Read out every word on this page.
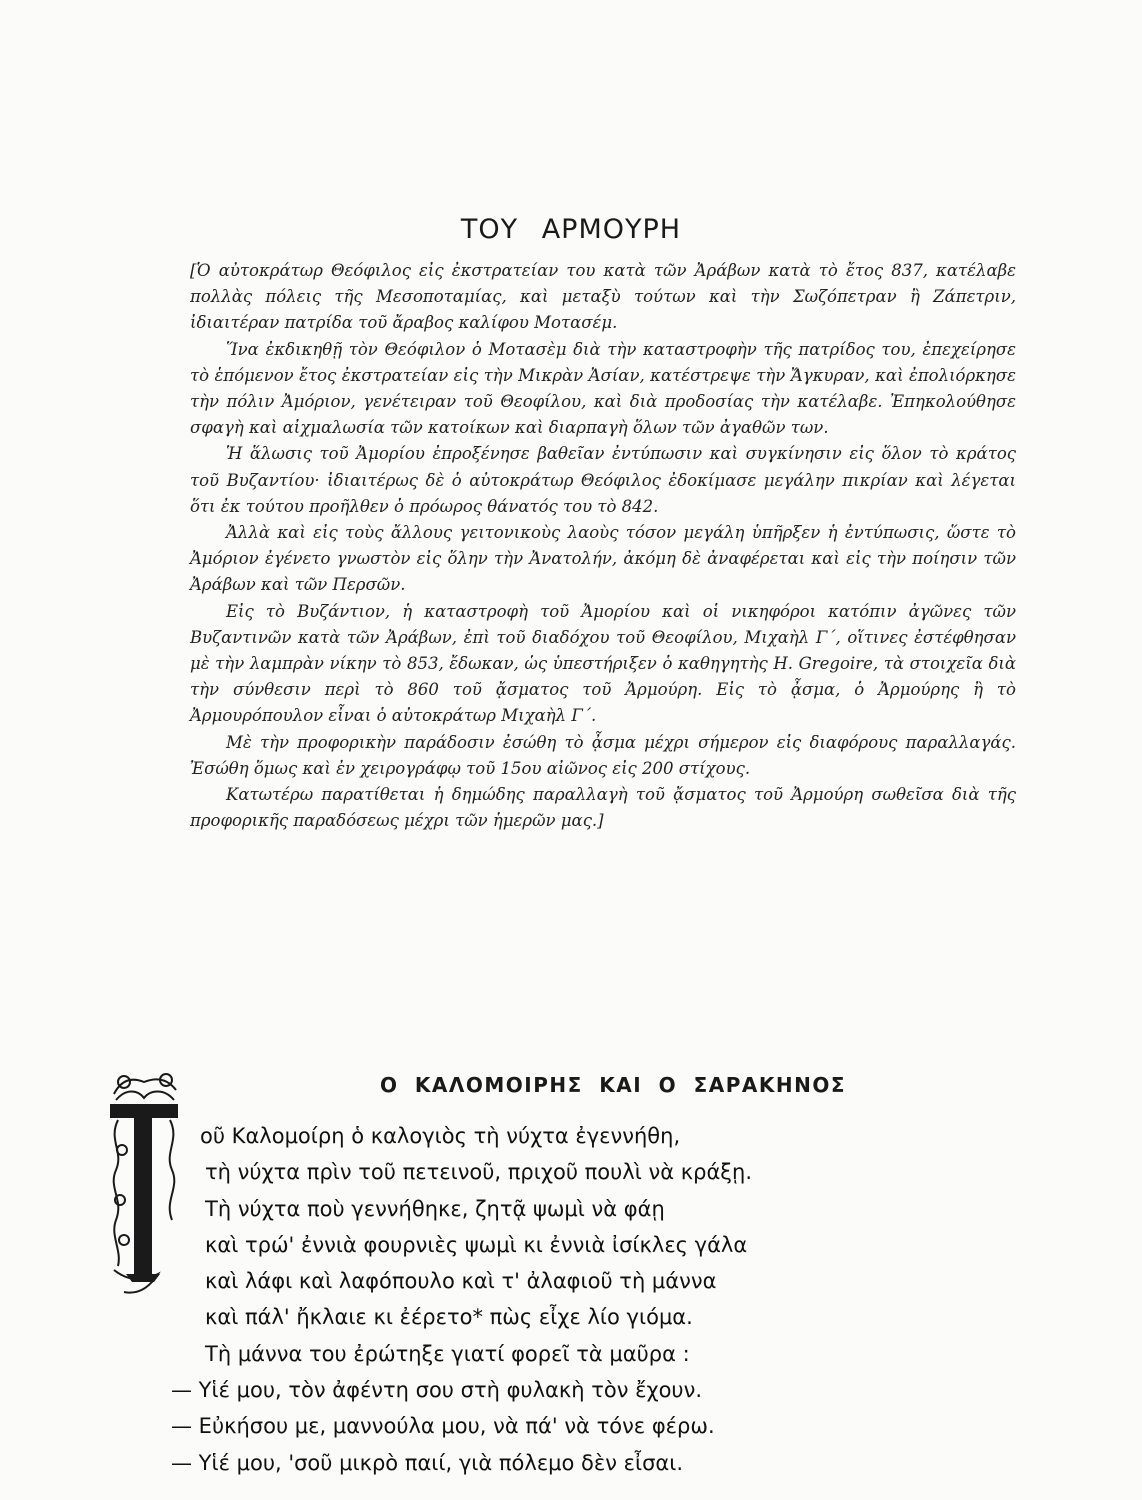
ΤΟΥ ΑΡΜΟΥΡΗ

[Ὁ αὐτοκράτωρ Θεόφιλος εἰς ἐκστρατείαν του κατὰ τῶν Ἀράβων κατὰ τὸ ἔτος 837, κατέλαβε πολλὰς πόλεις τῆς Μεσοποταμίας, καὶ μεταξὺ τούτων καὶ τὴν Σωζόπετραν ἢ Ζάπετριν, ἰδιαιτέραν πατρίδα τοῦ ἄραβος καλίφου Μοτασέμ.

Ἵνα ἐκδικηθῇ τὸν Θεόφιλον ὁ Μοτασὲμ διὰ τὴν καταστροφὴν τῆς πατρίδος του, ἐπεχείρησε τὸ ἑπόμενον ἔτος ἐκστρατείαν εἰς τὴν Μικρὰν Ἀσίαν, κατέστρεψε τὴν Ἄγκυραν, καὶ ἐπολιόρκησε τὴν πόλιν Ἀμόριον, γενέτειραν τοῦ Θεοφίλου, καὶ διὰ προδοσίας τὴν κατέλαβε. Ἐπηκολούθησε σφαγὴ καὶ αἰχμαλωσία τῶν κατοίκων καὶ διαρπαγὴ ὅλων τῶν ἀγαθῶν των.

Ἡ ἅλωσις τοῦ Ἀμορίου ἐπροξένησε βαθεῖαν ἐντύπωσιν καὶ συγκίνησιν εἰς ὅλον τὸ κράτος τοῦ Βυζαντίου· ἰδιαιτέρως δὲ ὁ αὐτοκράτωρ Θεόφιλος ἐδοκίμασε μεγάλην πικρίαν καὶ λέγεται ὅτι ἐκ τούτου προῆλθεν ὁ πρόωρος θάνατός του τὸ 842.

Ἀλλὰ καὶ εἰς τοὺς ἄλλους γειτονικοὺς λαοὺς τόσον μεγάλη ὑπῆρξεν ἡ ἐντύπωσις, ὥστε τὸ Ἀμόριον ἐγένετο γνωστὸν εἰς ὅλην τὴν Ἀνατολήν, ἀκόμη δὲ ἀναφέρεται καὶ εἰς τὴν ποίησιν τῶν Ἀράβων καὶ τῶν Περσῶν.

Εἰς τὸ Βυζάντιον, ἡ καταστροφὴ τοῦ Ἀμορίου καὶ οἱ νικηφόροι κατόπιν ἀγῶνες τῶν Βυζαντινῶν κατὰ τῶν Ἀράβων, ἐπὶ τοῦ διαδόχου τοῦ Θεοφίλου, Μιχαὴλ Γ΄, οἵτινες ἐστέφθησαν μὲ τὴν λαμπρὰν νίκην τὸ 853, ἔδωκαν, ὡς ὑπεστήριξεν ὁ καθηγητὴς H. Gregoire, τὰ στοιχεῖα διὰ τὴν σύνθεσιν περὶ τὸ 860 τοῦ ᾄσματος τοῦ Ἀρμούρη. Εἰς τὸ ᾆσμα, ὁ Ἀρμούρης ἢ τὸ Ἀρμουρόπουλον εἶναι ὁ αὐτοκράτωρ Μιχαὴλ Γ΄.

Μὲ τὴν προφορικὴν παράδοσιν ἐσώθη τὸ ᾆσμα μέχρι σήμερον εἰς διαφόρους παραλλαγάς. Ἐσώθη ὅμως καὶ ἐν χειρογράφῳ τοῦ 15ου αἰῶνος εἰς 200 στίχους.

Κατωτέρω παρατίθεται ἡ δημώδης παραλλαγὴ τοῦ ᾄσματος τοῦ Ἀρμούρη σωθεῖσα διὰ τῆς προφορικῆς παραδόσεως μέχρι τῶν ἡμερῶν μας.]

Ο ΚΑΛΟΜΟΙΡΗΣ ΚΑΙ Ο ΣΑΡΑΚΗΝΟΣ
οῦ Καλομοίρη ὁ καλογιὸς τὴ νύχτα ἐγεννήθη,
τὴ νύχτα πρὶν τοῦ πετεινοῦ, πριχοῦ πουλὶ νὰ κράξῃ.
Τὴ νύχτα ποὺ γεννήθηκε, ζητᾷ ψωμὶ νὰ φάῃ
καὶ τρώ' ἐννιὰ φουρνιὲς ψωμὶ κι ἐννιὰ ἰσίκλες γάλα
καὶ λάφι καὶ λαφόπουλο καὶ τ' ἀλαφιοῦ τὴ μάννα
καὶ πάλ' ἤκλαιε κι ἐέρετο* πὼς εἶχε λίο γιόμα.
Τὴ μάννα του ἐρώτηξε γιατί φορεῖ τὰ μαῦρα :
— Υἱέ μου, τὸν ἀφέντη σου στὴ φυλακὴ τὸν ἔχουν.
— Εὐκήσου με, μαννούλα μου, νὰ πά' νὰ τόνε φέρω.
— Υἱέ μου, 'σοῦ μικρὸ παιί, γιὰ πόλεμο δὲν εἶσαι.
